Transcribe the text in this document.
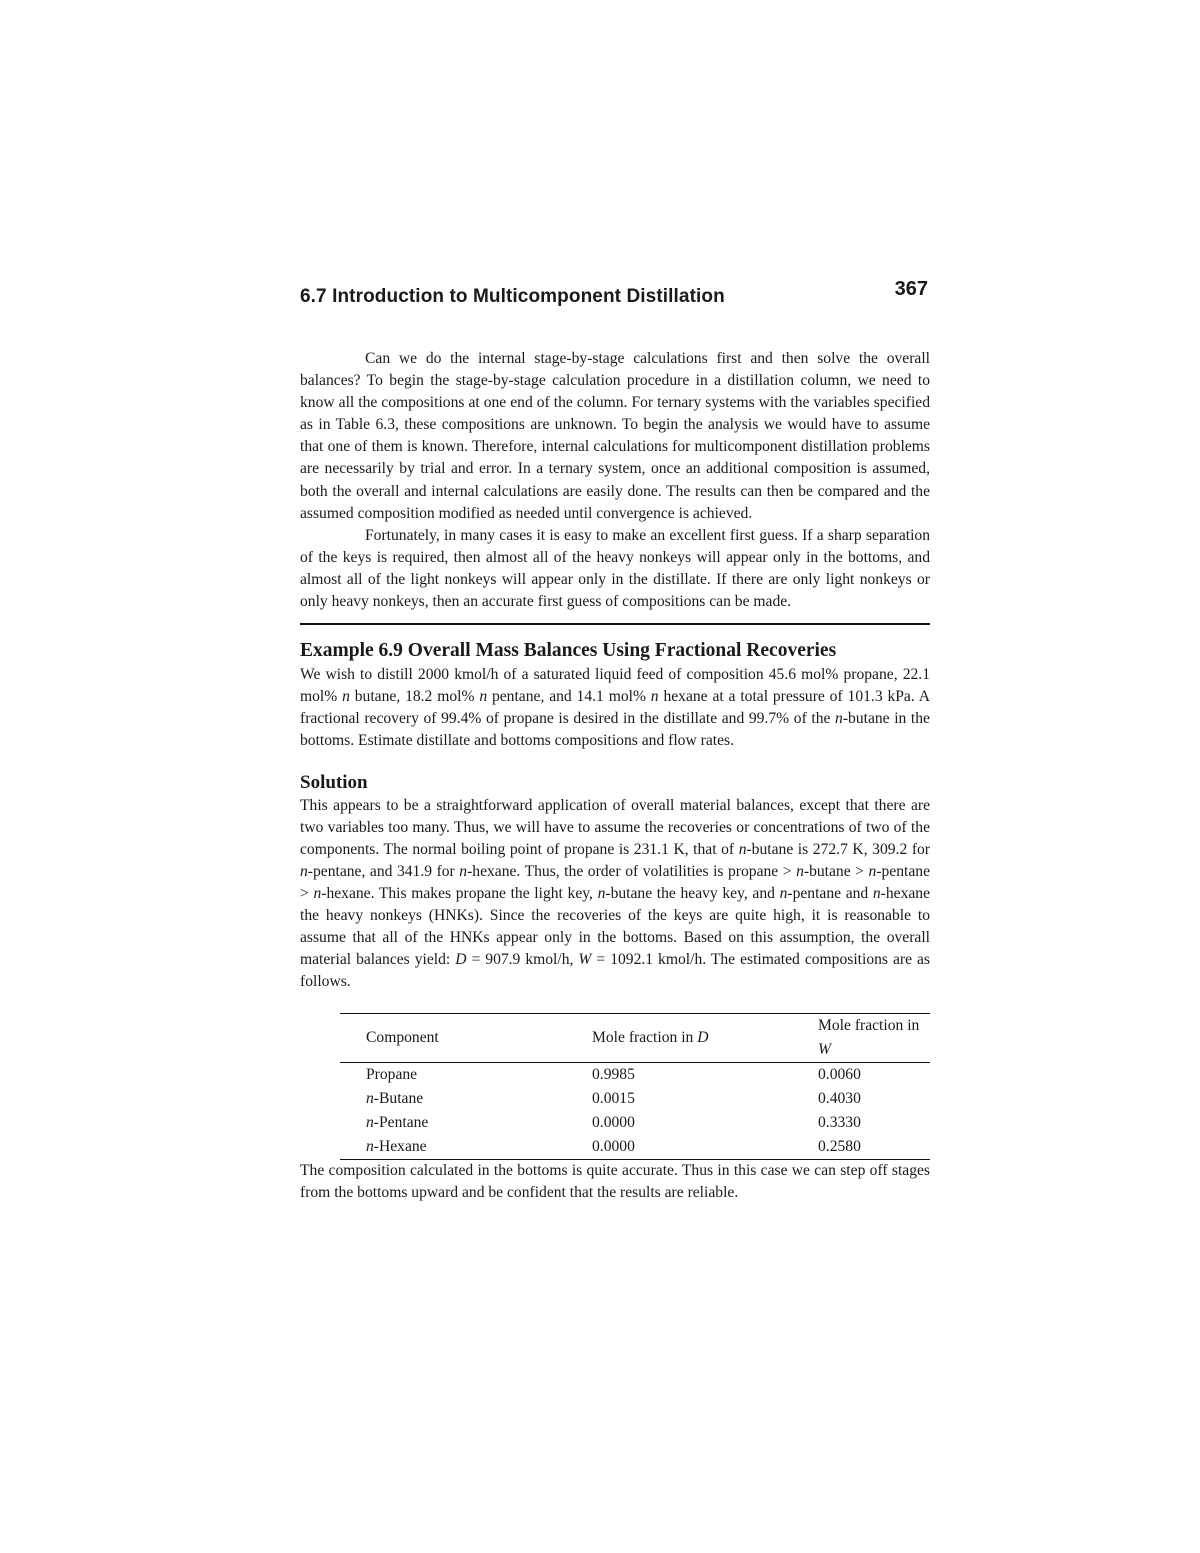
6.7 Introduction to Multicomponent Distillation	367

Can we do the internal stage-by-stage calculations first and then solve the overall balances? To begin the stage-by-stage calculation procedure in a distillation column, we need to know all the compositions at one end of the column. For ternary systems with the variables specified as in Table 6.3, these compositions are unknown. To begin the analysis we would have to assume that one of them is known. Therefore, internal calculations for multicomponent distillation problems are necessarily by trial and error. In a ternary system, once an additional composition is assumed, both the overall and internal calculations are easily done. The results can then be compared and the assumed composition modified as needed until convergence is achieved.

Fortunately, in many cases it is easy to make an excellent first guess. If a sharp separation of the keys is required, then almost all of the heavy nonkeys will appear only in the bottoms, and almost all of the light nonkeys will appear only in the distillate. If there are only light nonkeys or only heavy nonkeys, then an accurate first guess of compositions can be made.

Example 6.9 Overall Mass Balances Using Fractional Recoveries

We wish to distill 2000 kmol/h of a saturated liquid feed of composition 45.6 mol% propane, 22.1 mol% n butane, 18.2 mol% n pentane, and 14.1 mol% n hexane at a total pressure of 101.3 kPa. A fractional recovery of 99.4% of propane is desired in the distillate and 99.7% of the n-butane in the bottoms. Estimate distillate and bottoms compositions and flow rates.

Solution

This appears to be a straightforward application of overall material balances, except that there are two variables too many. Thus, we will have to assume the recoveries or concentrations of two of the components. The normal boiling point of propane is 231.1 K, that of n-butane is 272.7 K, 309.2 for n-pentane, and 341.9 for n-hexane. Thus, the order of volatilities is propane > n-butane > n-pentane > n-hexane. This makes propane the light key, n-butane the heavy key, and n-pentane and n-hexane the heavy nonkeys (HNKs). Since the recoveries of the keys are quite high, it is reasonable to assume that all of the HNKs appear only in the bottoms. Based on this assumption, the overall material balances yield: D = 907.9 kmol/h, W = 1092.1 kmol/h. The estimated compositions are as follows.

Component	Mole fraction in D	Mole fraction in W
Propane	0.9985	0.0060
n-Butane	0.0015	0.4030
n-Pentane	0.0000	0.3330
n-Hexane	0.0000	0.2580

The composition calculated in the bottoms is quite accurate. Thus in this case we can step off stages from the bottoms upward and be confident that the results are reliable.
